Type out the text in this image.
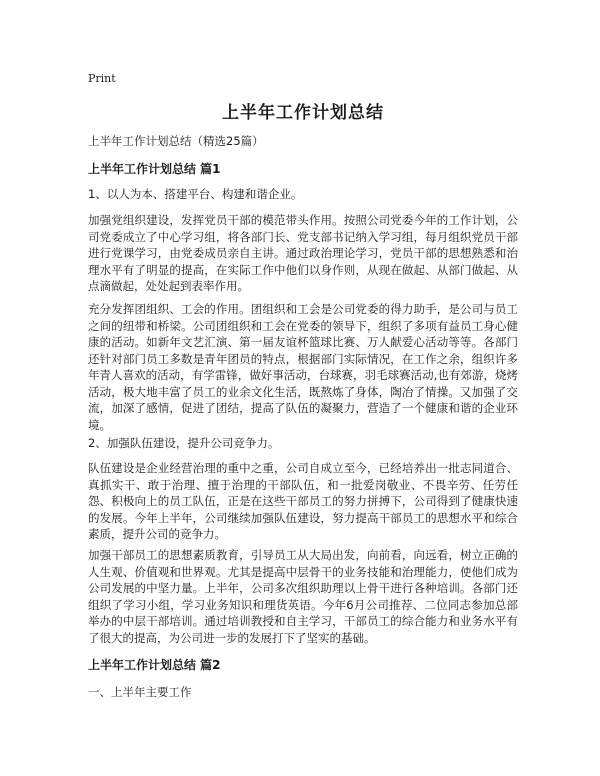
Print
上半年工作计划总结

上半年工作计划总结（精选25篇）

上半年工作计划总结 篇1

1、以人为本、搭建平台、构建和谐企业。

加强党组织建设，发挥党员干部的模范带头作用。按照公司党委今年的工作计划，公司党委成立了中心学习组，将各部门长、党支部书记纳入学习组，每月组织党员干部进行党课学习，由党委成员亲自主讲。通过政治理论学习，党员干部的思想熟悉和治理水平有了明显的提高，在实际工作中他们以身作则，从现在做起、从部门做起、从点滴做起，处处起到表率作用。

充分发挥团组织、工会的作用。团组织和工会是公司党委的得力助手，是公司与员工之间的纽带和桥梁。公司团组织和工会在党委的领导下，组织了多项有益员工身心健康的活动。如新年文艺汇演、第一届友谊杯篮球比赛、万人献爱心活动等等。各部门还针对部门员工多数是青年团员的特点，根据部门实际情况，在工作之余，组织许多年青人喜欢的活动，有学雷锋，做好事活动，台球赛，羽毛球赛活动,也有郊游，烧烤活动，极大地丰富了员工的业余文化生活，既熬炼了身体，陶冶了情操。又加强了交流，加深了感情，促进了团结，提高了队伍的凝聚力，营造了一个健康和谐的企业环境。

2、加强队伍建设，提升公司竞争力。

队伍建设是企业经营治理的重中之重，公司自成立至今，已经培养出一批志同道合、真抓实干、敢于治理、擅于治理的干部队伍，和一批爱岗敬业、不畏辛劳、任劳任怨、积极向上的员工队伍，正是在这些干部员工的努力拼搏下，公司得到了健康快速的发展。今年上半年，公司继续加强队伍建设，努力提高干部员工的思想水平和综合素质，提升公司的竞争力。

加强干部员工的思想素质教育，引导员工从大局出发，向前看，向远看，树立正确的人生观、价值观和世界观。尤其是提高中层骨干的业务技能和治理能力，使他们成为公司发展的中坚力量。上半年，公司多次组织助理以上骨干进行各种培训。各部门还组织了学习小组，学习业务知识和理货英语。今年6月公司推荐、二位同志参加总部举办的中层干部培训。通过培训教授和自主学习，干部员工的综合能力和业务水平有了很大的提高，为公司进一步的发展打下了坚实的基础。

上半年工作计划总结 篇2

一、上半年主要工作
